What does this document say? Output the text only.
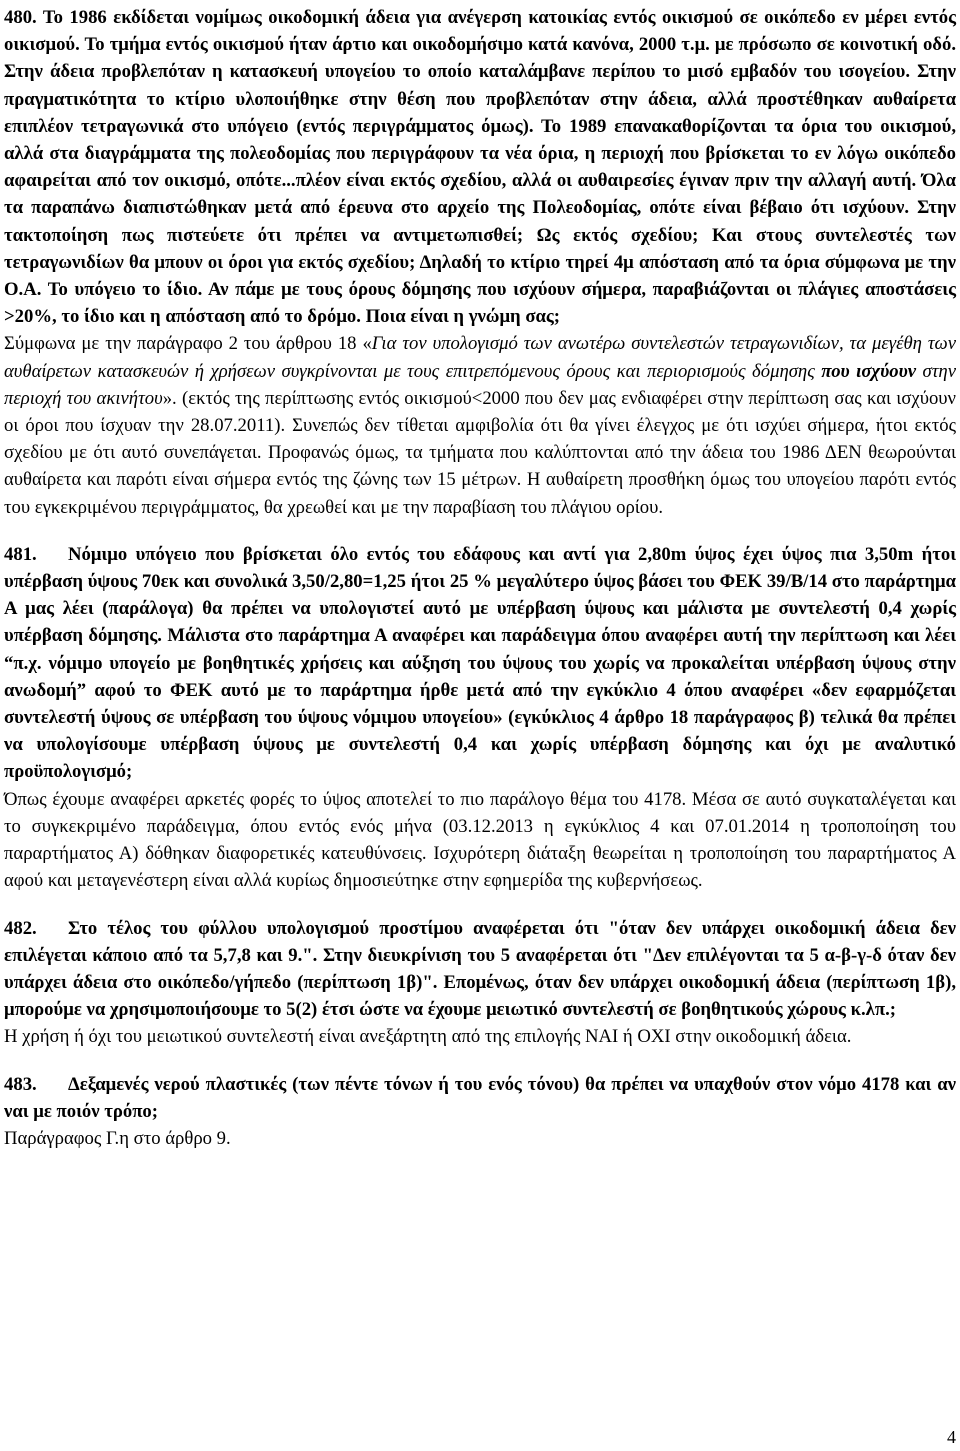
480. Το 1986 εκδίδεται νομίμως οικοδομική άδεια για ανέγερση κατοικίας εντός οικισμού σε οικόπεδο εν μέρει εντός οικισμού. Το τμήμα εντός οικισμού ήταν άρτιο και οικοδομήσιμο κατά κανόνα, 2000 τ.μ. με πρόσωπο σε κοινοτική οδό. Στην άδεια προβλεπόταν η κατασκευή υπογείου το οποίο καταλάμβανε περίπου το μισό εμβαδόν του ισογείου. Στην πραγματικότητα το κτίριο υλοποιήθηκε στην θέση που προβλεπόταν στην άδεια, αλλά προστέθηκαν αυθαίρετα επιπλέον τετραγωνικά στο υπόγειο (εντός περιγράμματος όμως). Το 1989 επανακαθορίζονται τα όρια του οικισμού, αλλά στα διαγράμματα της πολεοδομίας που περιγράφουν τα νέα όρια, η περιοχή που βρίσκεται το εν λόγω οικόπεδο αφαιρείται από τον οικισμό, οπότε...πλέον είναι εκτός σχεδίου, αλλά οι αυθαιρεσίες έγιναν πριν την αλλαγή αυτή. Όλα τα παραπάνω διαπιστώθηκαν μετά από έρευνα στο αρχείο της Πολεοδομίας, οπότε είναι βέβαιο ότι ισχύουν. Στην τακτοποίηση πως πιστεύετε ότι πρέπει να αντιμετωπισθεί; Ως εκτός σχεδίου; Και στους συντελεστές των τετραγωνιδίων θα μπουν οι όροι για εκτός σχεδίου; Δηλαδή το κτίριο τηρεί 4μ απόσταση από τα όρια σύμφωνα με την Ο.Α. Το υπόγειο το ίδιο. Αν πάμε με τους όρους δόμησης που ισχύουν σήμερα, παραβιάζονται οι πλάγιες αποστάσεις >20%, το ίδιο και η απόσταση από το δρόμο. Ποια είναι η γνώμη σας;

Σύμφωνα με την παράγραφο 2 του άρθρου 18 «Για τον υπολογισμό των ανωτέρω συντελεστών τετραγωνιδίων, τα μεγέθη των αυθαίρετων κατασκευών ή χρήσεων συγκρίνονται με τους επιτρεπόμενους όρους και περιορισμούς δόμησης που ισχύουν στην περιοχή του ακινήτου». (εκτός της περίπτωσης εντός οικισμού<2000 που δεν μας ενδιαφέρει στην περίπτωση σας και ισχύουν οι όροι που ίσχυαν την 28.07.2011). Συνεπώς δεν τίθεται αμφιβολία ότι θα γίνει έλεγχος με ότι ισχύει σήμερα, ήτοι εκτός σχεδίου με ότι αυτό συνεπάγεται. Προφανώς όμως, τα τμήματα που καλύπτονται από την άδεια του 1986 ΔΕΝ θεωρούνται αυθαίρετα και παρότι είναι σήμερα εντός της ζώνης των 15 μέτρων. Η αυθαίρετη προσθήκη όμως του υπογείου παρότι εντός του εγκεκριμένου περιγράμματος, θα χρεωθεί και με την παραβίαση του πλάγιου ορίου.

481. Νόμιμο υπόγειο που βρίσκεται όλο εντός του εδάφους και αντί για 2,80m ύψος έχει ύψος πια 3,50m ήτοι υπέρβαση ύψους 70εκ και συνολικά 3,50/2,80=1,25 ήτοι 25 % μεγαλύτερο ύψος βάσει του ΦΕΚ 39/Β/14 στο παράρτημα Α μας λέει (παράλογα) θα πρέπει να υπολογιστεί αυτό με υπέρβαση ύψους και μάλιστα με συντελεστή 0,4 χωρίς υπέρβαση δόμησης. Μάλιστα στο παράρτημα Α αναφέρει και παράδειγμα όπου αναφέρει αυτή την περίπτωση και λέει “π.χ. νόμιμο υπογείο με βοηθητικές χρήσεις και αύξηση του ύψους του χωρίς να προκαλείται υπέρβαση ύψους στην ανωδομή” αφού το ΦΕΚ αυτό με το παράρτημα ήρθε μετά από την εγκύκλιο 4 όπου αναφέρει «δεν εφαρμόζεται συντελεστή ύψους σε υπέρβαση του ύψους νόμιμου υπογείου» (εγκύκλιος 4 άρθρο 18 παράγραφος β) τελικά θα πρέπει να υπολογίσουμε υπέρβαση ύψους με συντελεστή 0,4 και χωρίς υπέρβαση δόμησης και όχι με αναλυτικό προϋπολογισμό;

Όπως έχουμε αναφέρει αρκετές φορές το ύψος αποτελεί το πιο παράλογο θέμα του 4178. Μέσα σε αυτό συγκαταλέγεται και το συγκεκριμένο παράδειγμα, όπου εντός ενός μήνα (03.12.2013 η εγκύκλιος 4 και 07.01.2014 η τροποποίηση του παραρτήματος Α) δόθηκαν διαφορετικές κατευθύνσεις. Ισχυρότερη διάταξη θεωρείται η τροποποίηση του παραρτήματος Α αφού και μεταγενέστερη είναι αλλά κυρίως δημοσιεύτηκε στην εφημερίδα της κυβερνήσεως.

482. Στο τέλος του φύλλου υπολογισμού προστίμου αναφέρεται ότι "όταν δεν υπάρχει οικοδομική άδεια δεν επιλέγεται κάποιο από τα 5,7,8 και 9.". Στην διευκρίνιση του 5 αναφέρεται ότι "Δεν επιλέγονται τα 5 α-β-γ-δ όταν δεν υπάρχει άδεια στο οικόπεδο/γήπεδο (περίπτωση 1β)". Επομένως, όταν δεν υπάρχει οικοδομική άδεια (περίπτωση 1β), μπορούμε να χρησιμοποιήσουμε το 5(2) έτσι ώστε να έχουμε μειωτικό συντελεστή σε βοηθητικούς χώρους κ.λπ.;

Η χρήση ή όχι του μειωτικού συντελεστή είναι ανεξάρτητη από της επιλογής ΝΑΙ ή ΟΧΙ στην οικοδομική άδεια.

483. Δεξαμενές νερού πλαστικές (των πέντε τόνων ή του ενός τόνου) θα πρέπει να υπαχθούν στον νόμο 4178 και αν ναι με ποιόν τρόπο;

Παράγραφος Γ.η στο άρθρο 9.

4
